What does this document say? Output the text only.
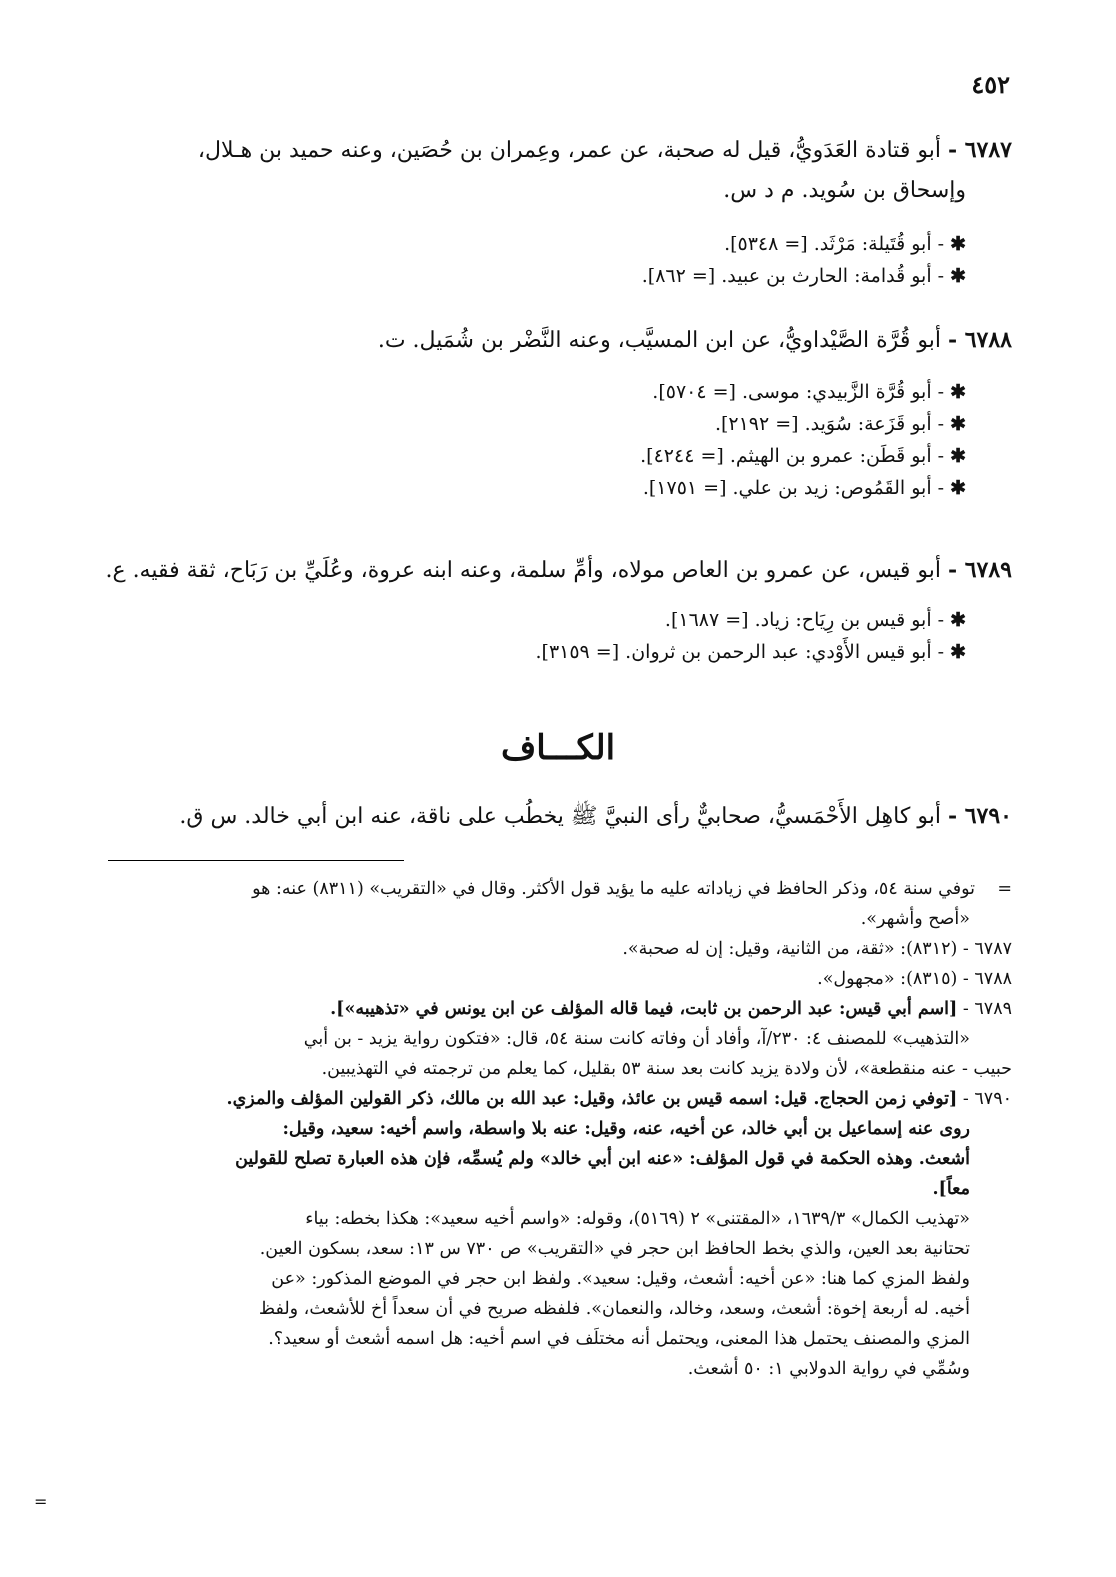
٤٥٢
٦٧٨٧ - أبو قتادة العَدَويُّ، قيل له صحبة، عن عمر، وعِمران بن حُصَين، وعنه حميد بن هـلال،
وإسحاق بن سُويد. م د س.
✱- أبو قُتَيلة: مَرْثَد. [= ٥٣٤٨].
✱- أبو قُدامة: الحارث بن عبيد. [= ٨٦٢].
٦٧٨٨ - أبو قُرَّة الصَّيْداويُّ، عن ابن المسيَّب، وعنه النَّضْر بن شُمَيل. ت.
✱- أبو قُرَّة الزَّبيدي: موسى. [= ٥٧٠٤].
✱- أبو قَزَعة: سُوَيد. [= ٢١٩٢].
✱- أبو قَطَن: عمرو بن الهيثم. [= ٤٢٤٤].
✱- أبو القَمُوص: زيد بن علي. [= ١٧٥١].
٦٧٨٩ - أبو قيس، عن عمرو بن العاص مولاه، وأمِّ سلمة، وعنه ابنه عروة، وعُلَيِّ بن رَبَاح، ثقة فقيه. ع.
✱- أبو قيس بن رِيَاح: زياد. [= ١٦٨٧].
✱- أبو قيس الأَوْدي: عبد الرحمن بن ثروان. [= ٣١٥٩].
الكـــاف
٦٧٩٠ - أبو كاهِل الأَحْمَسيُّ، صحابيٌّ رأى النبيَّ ﷺ يخطُب على ناقة، عنه ابن أبي خالد. س ق.
=    توفي سنة ٥٤، وذكر الحافظ في زياداته عليه ما يؤيد قول الأكثر. وقال في «التقريب» (٨٣١١) عنه: هو
«أصح وأشهر».
٦٧٨٧ - (٨٣١٢): «ثقة، من الثانية، وقيل: إن له صحبة».
٦٧٨٨ - (٨٣١٥): «مجهول».
٦٧٨٩ - [اسم أبي قيس: عبد الرحمن بن ثابت، فيما قاله المؤلف عن ابن يونس في «تذهيبه»].
«التذهيب» للمصنف ٤: ٢٣٠/آ، وأفاد أن وفاته كانت سنة ٥٤، قال: «فتكون رواية يزيد - بن أبي
حبيب - عنه منقطعة»، لأن ولادة يزيد كانت بعد سنة ٥٣ بقليل، كما يعلم من ترجمته في التهذيبين.
٦٧٩٠ - [توفي زمن الحجاج. قيل: اسمه قيس بن عائذ، وقيل: عبد الله بن مالك، ذكر القولين المؤلف والمزي.
روى عنه إسماعيل بن أبي خالد، عن أخيه، عنه، وقيل: عنه بلا واسطة، واسم أخيه: سعيد، وقيل:
أشعث. وهذه الحكمة في قول المؤلف: «عنه ابن أبي خالد» ولم يُسمِّه، فإن هذه العبارة تصلح للقولين
معاً].
«تهذيب الكمال» ١٦٣٩/٣، «المقتنى» ٢ (٥١٦٩)، وقوله: «واسم أخيه سعيد»: هكذا بخطه: بياء
تحتانية بعد العين، والذي بخط الحافظ ابن حجر في «التقريب» ص ٧٣٠ س ١٣: سعد، بسكون العين.
ولفظ المزي كما هنا: «عن أخيه: أشعث، وقيل: سعيد». ولفظ ابن حجر في الموضع المذكور: «عن
أخيه. له أربعة إخوة: أشعث، وسعد، وخالد، والنعمان». فلفظه صريح في أن سعداً أخ للأشعث، ولفظ
المزي والمصنف يحتمل هذا المعنى، ويحتمل أنه مختلَف في اسم أخيه: هل اسمه أشعث أو سعيد؟.
وسُمِّي في رواية الدولابي ١: ٥٠ أشعث.
=
